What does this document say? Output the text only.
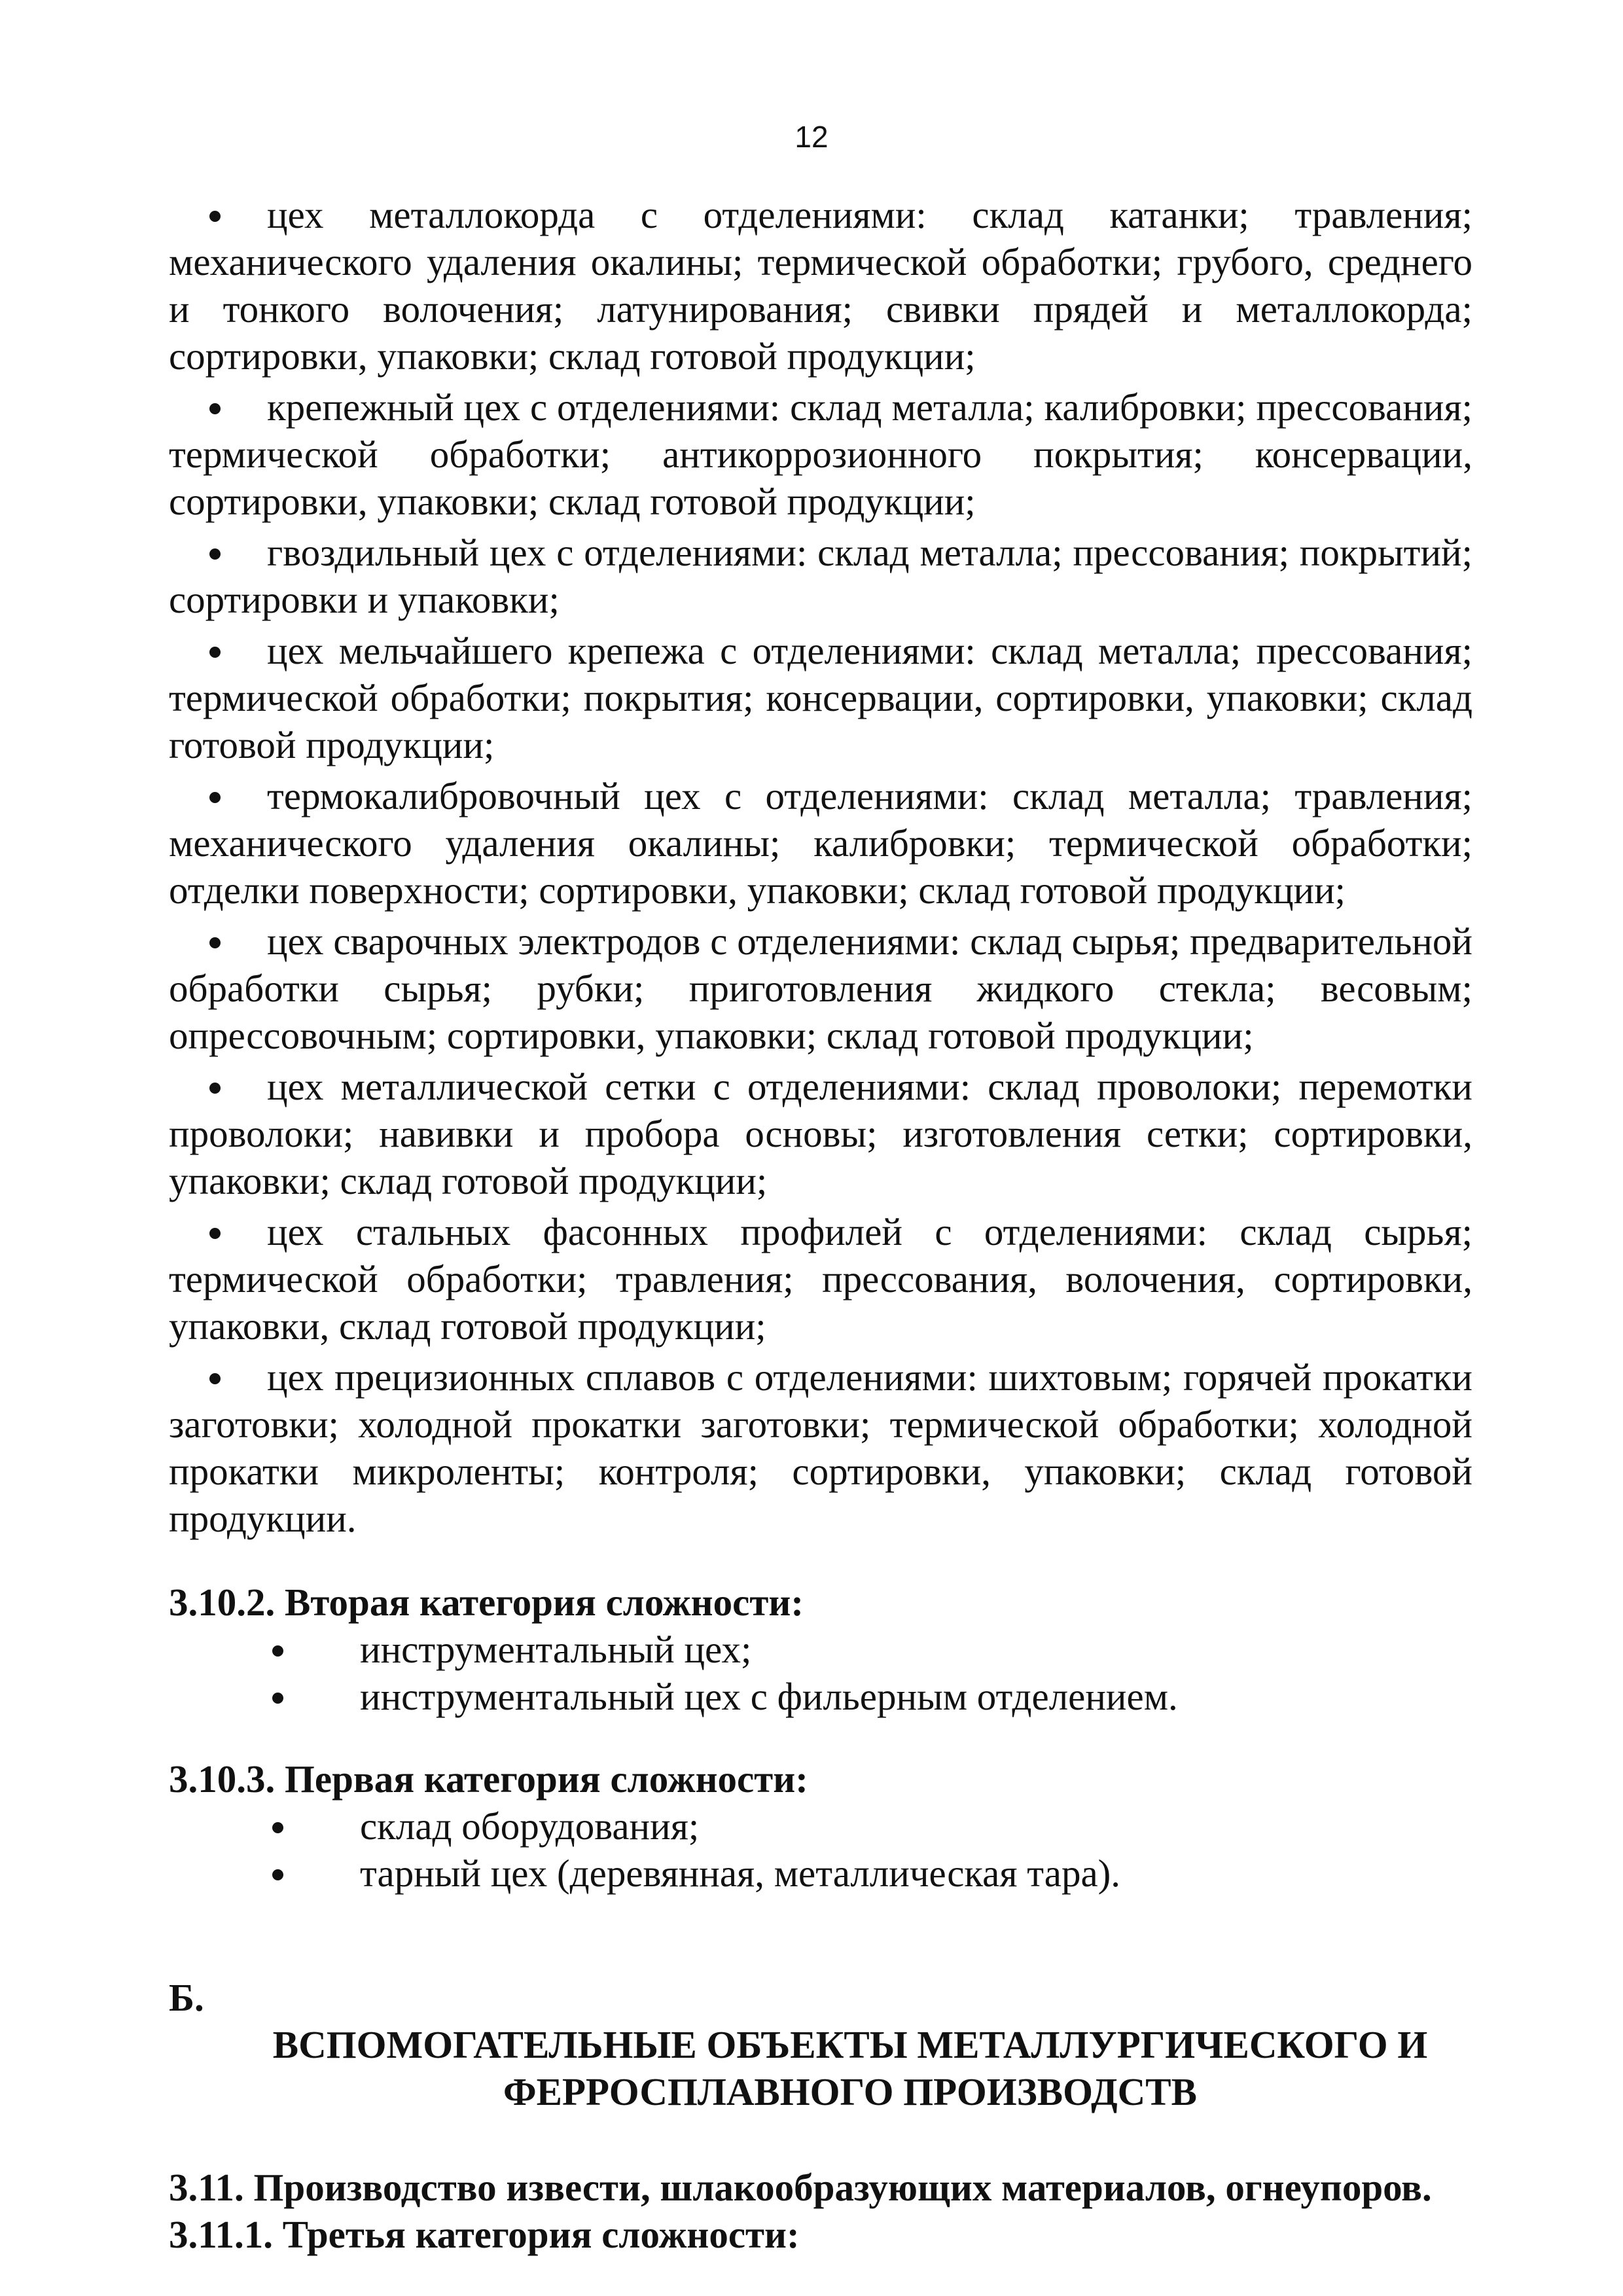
12

цех металлокорда с отделениями: склад катанки; травления; механического удаления окалины; термической обработки; грубого, среднего и тонкого волочения; латунирования; свивки прядей и металлокорда; сортировки, упаковки; склад готовой продукции;

крепежный цех с отделениями: склад металла; калибровки; прессования; термической обработки; антикоррозионного покрытия; консервации, сортировки, упаковки; склад готовой продукции;

гвоздильный цех с отделениями: склад металла; прессования; покрытий; сортировки и упаковки;

цех мельчайшего крепежа с отделениями: склад металла; прессования; термической обработки; покрытия; консервации, сортировки, упаковки; склад готовой продукции;

термокалибровочный цех с отделениями: склад металла; травления; механического удаления окалины; калибровки; термической обработки; отделки поверхности; сортировки, упаковки; склад готовой продукции;

цех сварочных электродов с отделениями: склад сырья; предварительной обработки сырья; рубки; приготовления жидкого стекла; весовым; опрессовочным; сортировки, упаковки; склад готовой продукции;

цех металлической сетки с отделениями: склад проволоки; перемотки проволоки; навивки и пробора основы; изготовления сетки; сортировки, упаковки; склад готовой продукции;

цех стальных фасонных профилей с отделениями: склад сырья; термической обработки; травления; прессования, волочения, сортировки, упаковки, склад готовой продукции;

цех прецизионных сплавов с отделениями: шихтовым; горячей прокатки заготовки; холодной прокатки заготовки; термической обработки; холодной прокатки микроленты; контроля; сортировки, упаковки; склад готовой продукции.

3.10.2. Вторая категория сложности:

инструментальный цех;
инструментальный цех с фильерным отделением.

3.10.3. Первая категория сложности:

склад оборудования;
тарный цех (деревянная, металлическая тара).
Б.

ВСПОМОГАТЕЛЬНЫЕ ОБЪЕКТЫ МЕТАЛЛУРГИЧЕСКОГО И

ФЕРРОСПЛАВНОГО ПРОИЗВОДСТВ

3.11. Производство извести, шлакообразующих материалов, огнеупоров.

3.11.1. Третья категория сложности:
